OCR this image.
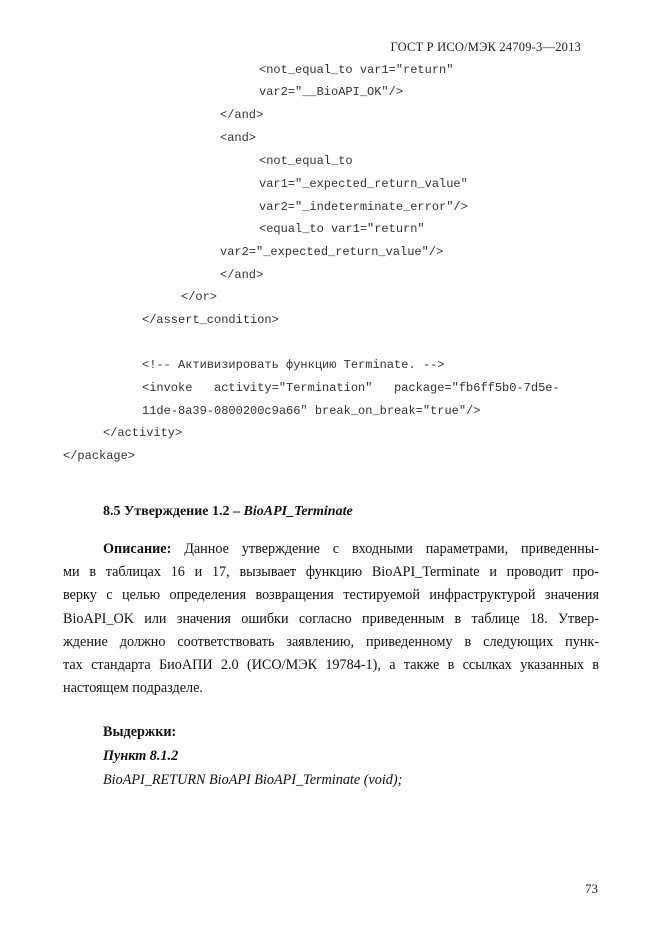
ГОСТ Р ИСО/МЭК 24709-3—2013
<not_equal_to var1="return"
var2="__BioAPI_OK"/>
</and>
<and>
<not_equal_to
var1="_expected_return_value"
var2="_indeterminate_error"/>
<equal_to var1="return"
var2="_expected_return_value"/>
</and>
</or>
</assert_condition>
<!-- Активизировать функцию Terminate. -->
<invoke   activity="Termination"   package="fb6ff5b0-7d5e-
11de-8a39-0800200c9a66" break_on_break="true"/>
</activity>
</package>
8.5 Утверждение 1.2 – BioAPI_Terminate
Описание: Данное утверждение с входными параметрами, приведенны-
ми в таблицах 16 и 17, вызывает функцию BioAPI_Terminate и проводит про-
верку с целью определения возвращения тестируемой инфраструктурой значения
BioAPI_OK или значения ошибки согласно приведенным в таблице 18. Утвер-
ждение должно соответствовать заявлению, приведенному в следующих пунк-
тах стандарта БиоАПИ 2.0 (ИСО/МЭК 19784-1), а также в ссылках указанных в
настоящем подразделе.
Выдержки:
Пункт 8.1.2
BioAPI_RETURN BioAPI BioAPI_Terminate (void);
73
